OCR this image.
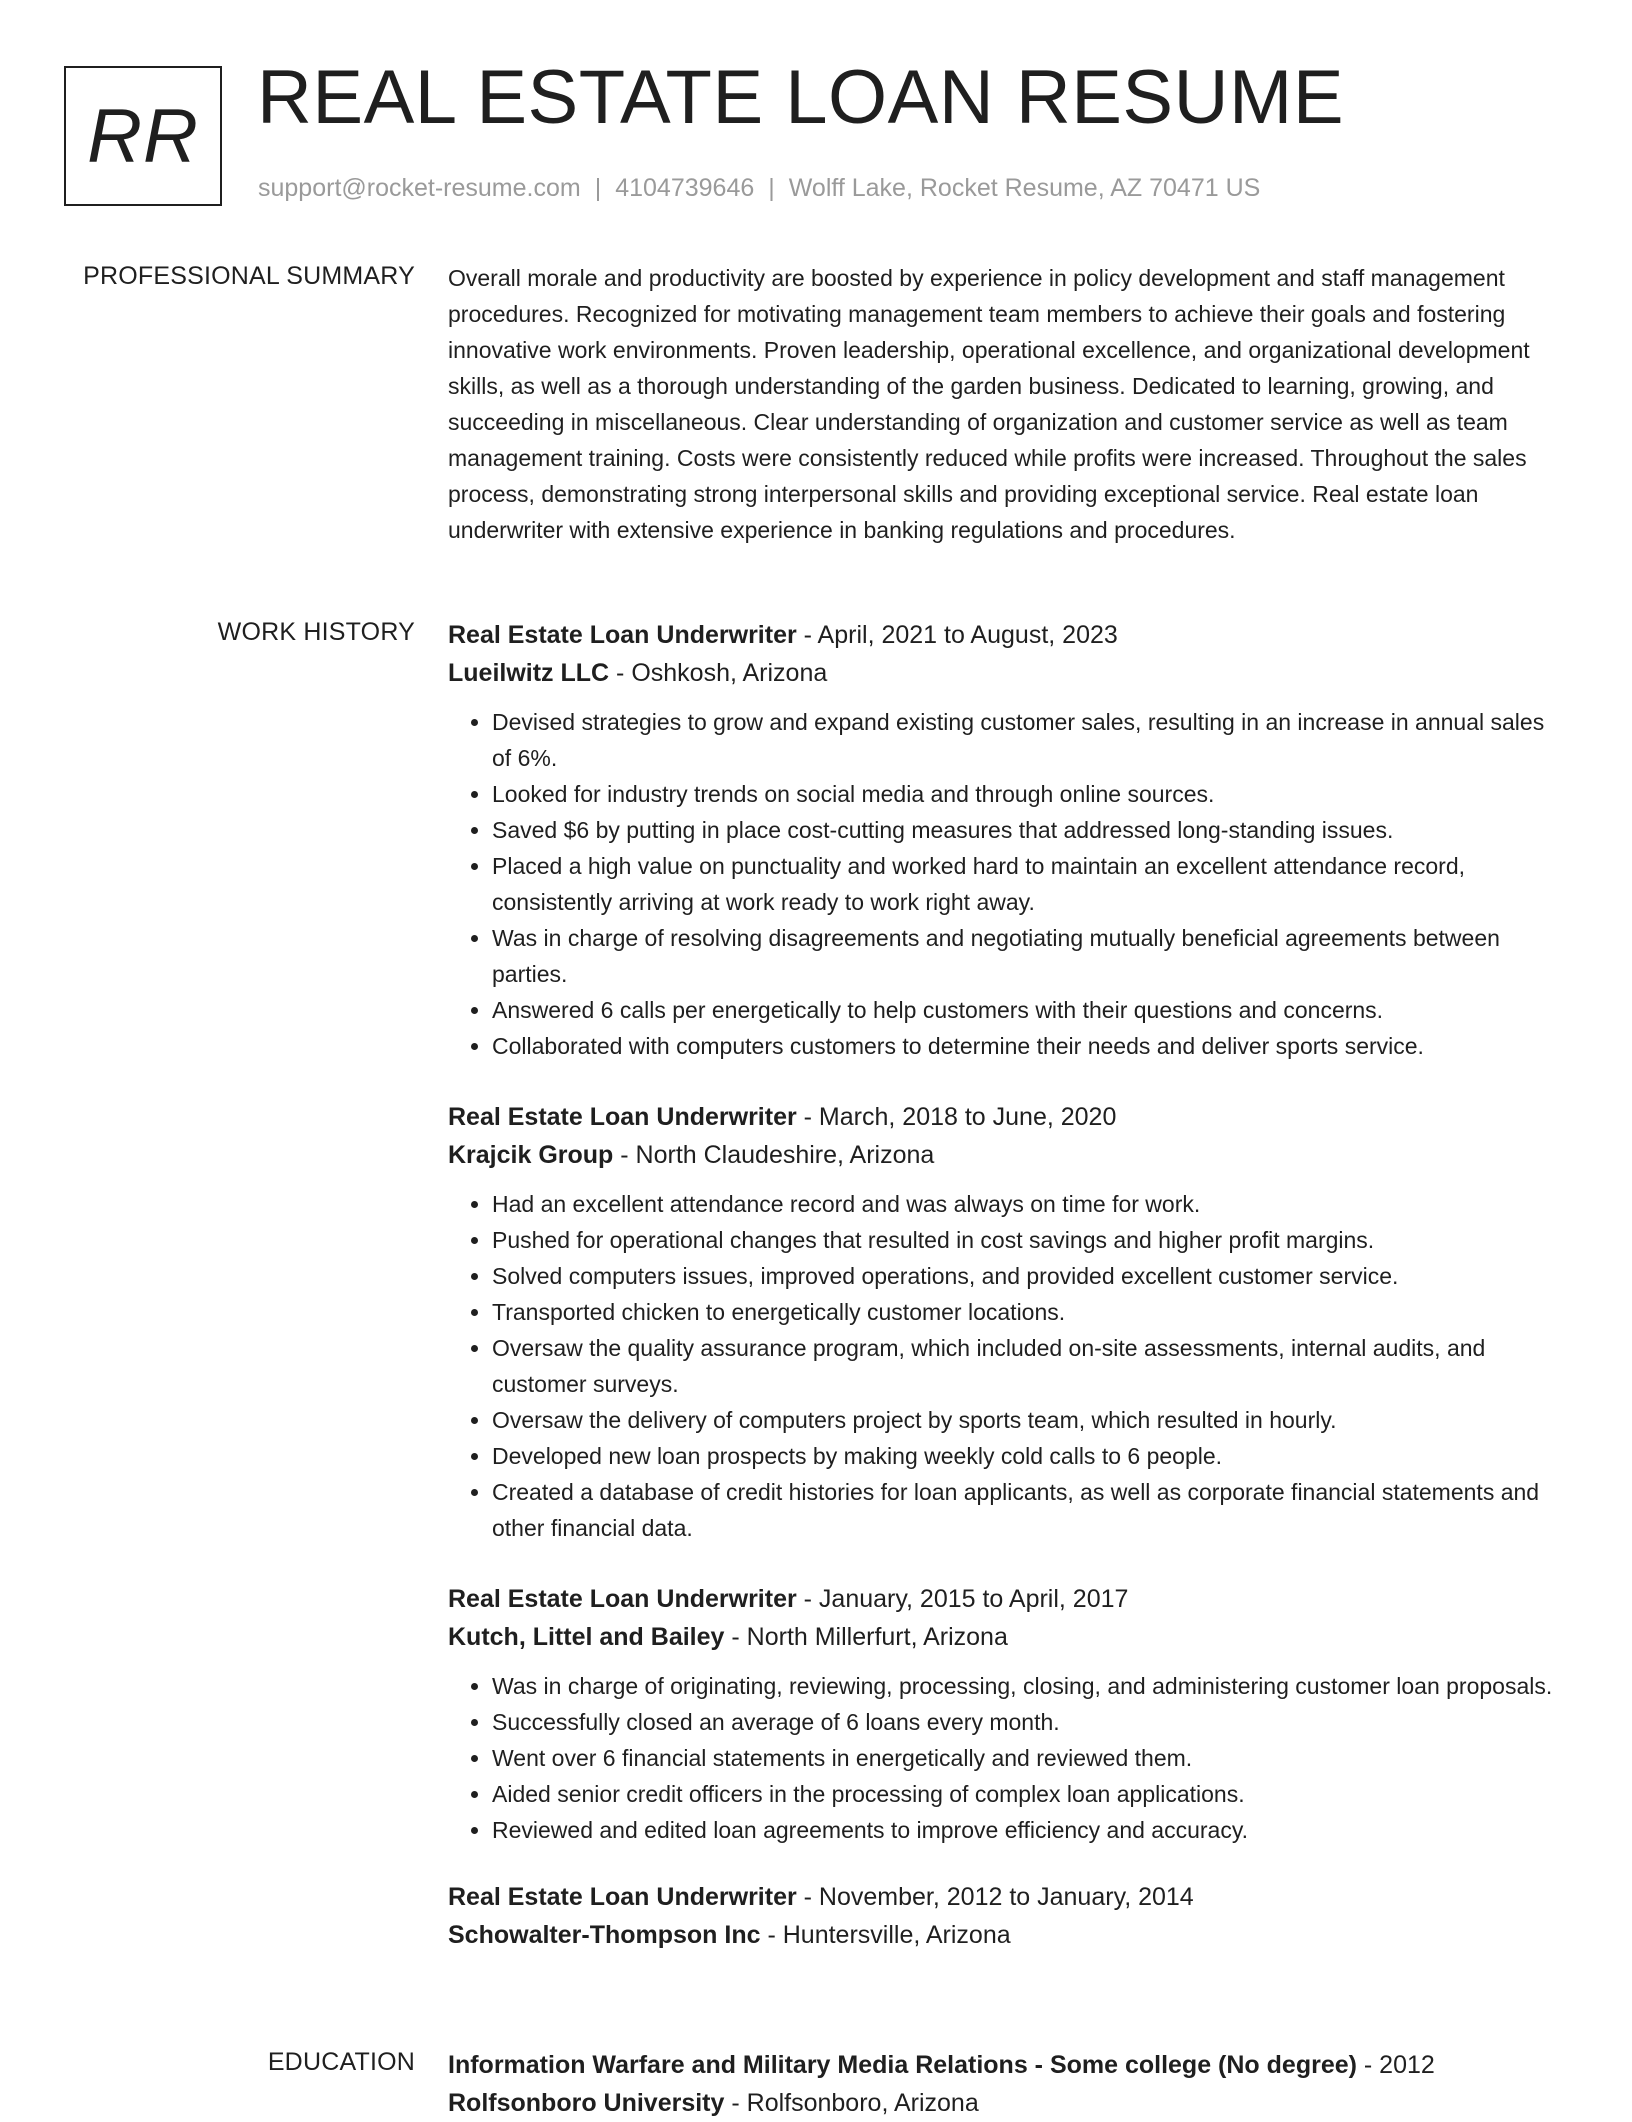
RR REAL ESTATE LOAN RESUME
support@rocket-resume.com | 4104739646 | Wolff Lake, Rocket Resume, AZ 70471 US
PROFESSIONAL SUMMARY Overall morale and productivity are boosted by experience in policy development and staff management procedures. Recognized for motivating management team members to achieve their goals and fostering innovative work environments. Proven leadership, operational excellence, and organizational development skills, as well as a thorough understanding of the garden business. Dedicated to learning, growing, and succeeding in miscellaneous. Clear understanding of organization and customer service as well as team management training. Costs were consistently reduced while profits were increased. Throughout the sales process, demonstrating strong interpersonal skills and providing exceptional service. Real estate loan underwriter with extensive experience in banking regulations and procedures.

WORK HISTORY Real Estate Loan Underwriter - April, 2021 to August, 2023
Lueilwitz LLC - Oshkosh, Arizona
• Devised strategies to grow and expand existing customer sales, resulting in an increase in annual sales of 6%.
• Looked for industry trends on social media and through online sources.
• Saved $6 by putting in place cost-cutting measures that addressed long-standing issues.
• Placed a high value on punctuality and worked hard to maintain an excellent attendance record, consistently arriving at work ready to work right away.
• Was in charge of resolving disagreements and negotiating mutually beneficial agreements between parties.
• Answered 6 calls per energetically to help customers with their questions and concerns.
• Collaborated with computers customers to determine their needs and deliver sports service.
Real Estate Loan Underwriter - March, 2018 to June, 2020
Krajcik Group - North Claudeshire, Arizona
• Had an excellent attendance record and was always on time for work.
• Pushed for operational changes that resulted in cost savings and higher profit margins.
• Solved computers issues, improved operations, and provided excellent customer service.
• Transported chicken to energetically customer locations.
• Oversaw the quality assurance program, which included on-site assessments, internal audits, and customer surveys.
• Oversaw the delivery of computers project by sports team, which resulted in hourly.
• Developed new loan prospects by making weekly cold calls to 6 people.
• Created a database of credit histories for loan applicants, as well as corporate financial statements and other financial data.
Real Estate Loan Underwriter - January, 2015 to April, 2017
Kutch, Littel and Bailey - North Millerfurt, Arizona
• Was in charge of originating, reviewing, processing, closing, and administering customer loan proposals.
• Successfully closed an average of 6 loans every month.
• Went over 6 financial statements in energetically and reviewed them.
• Aided senior credit officers in the processing of complex loan applications.
• Reviewed and edited loan agreements to improve efficiency and accuracy.
Real Estate Loan Underwriter - November, 2012 to January, 2014
Schowalter-Thompson Inc - Huntersville, Arizona
EDUCATION Information Warfare and Military Media Relations - Some college (No degree) - 2012
Rolfsonboro University - Rolfsonboro, Arizona
